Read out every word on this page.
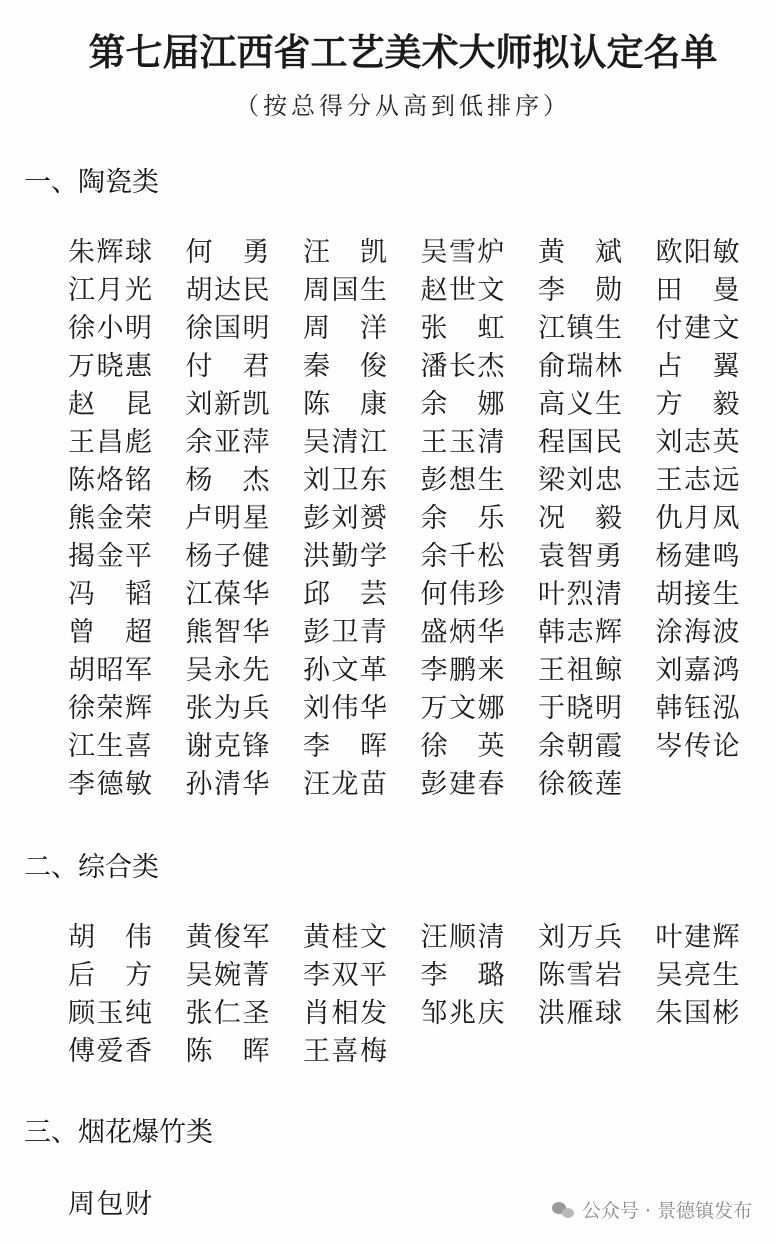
第七届江西省工艺美术大师拟认定名单
（按总得分从高到低排序）
一、陶瓷类
朱辉球 何勇 汪凯 吴雪炉 黄斌 欧阳敏
江月光 胡达民 周国生 赵世文 李勋 田曼
徐小明 徐国明 周洋 张虹 江镇生 付建文
万晓惠 付君 秦俊 潘长杰 俞瑞林 占翼
赵昆 刘新凯 陈康 余娜 高义生 方毅
王昌彪 余亚萍 吴清江 王玉清 程国民 刘志英
陈烙铭 杨杰 刘卫东 彭想生 梁刘忠 王志远
熊金荣 卢明星 彭刘赟 余乐 况毅 仇月凤
揭金平 杨子健 洪勤学 余千松 袁智勇 杨建鸣
冯韬 江葆华 邱芸 何伟珍 叶烈清 胡接生
曾超 熊智华 彭卫青 盛炳华 韩志辉 涂海波
胡昭军 吴永先 孙文革 李鹏来 王祖鲸 刘嘉鸿
徐荣辉 张为兵 刘伟华 万文娜 于晓明 韩钰泓
江生喜 谢克锋 李晖 徐英 余朝霞 岑传论
李德敏 孙清华 汪龙苗 彭建春 徐筱莲
二、综合类
胡伟 黄俊军 黄桂文 汪顺清 刘万兵 叶建辉
后方 吴婉菁 李双平 李璐 陈雪岩 吴亮生
顾玉纯 张仁圣 肖相发 邹兆庆 洪雁球 朱国彬
傅爱香 陈晖 王喜梅
三、烟花爆竹类
周包财	公众号 · 景德镇发布
